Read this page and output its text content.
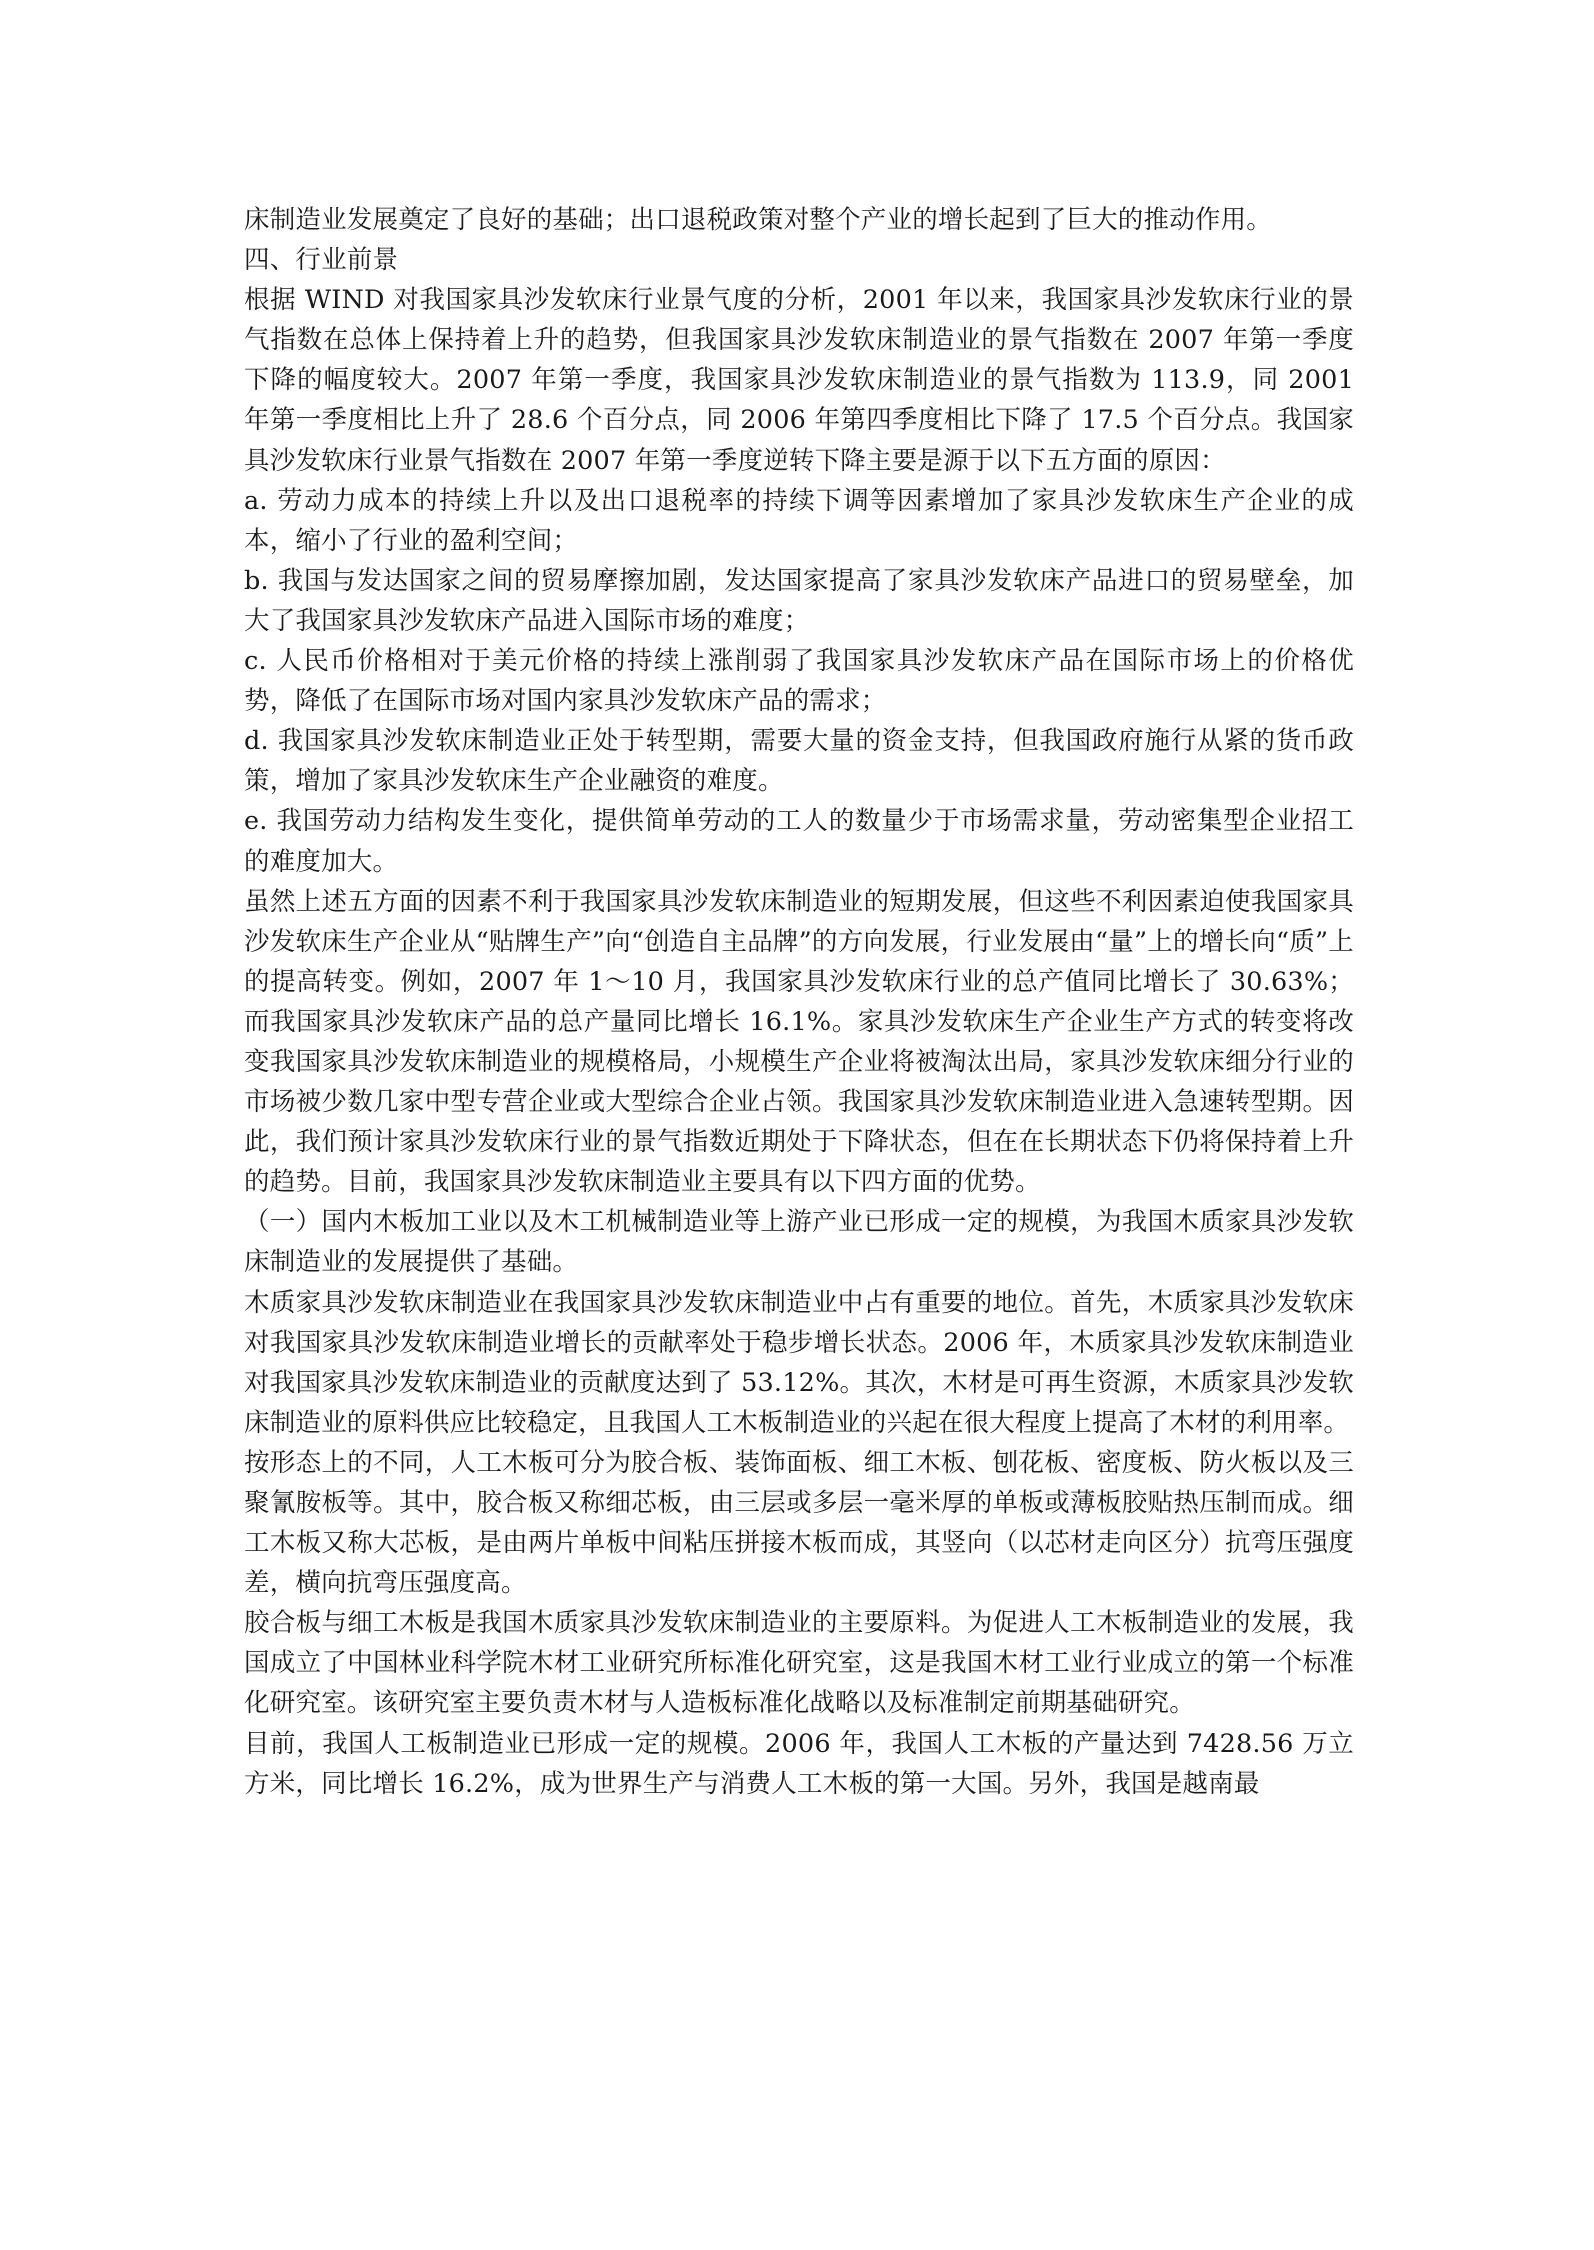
床制造业发展奠定了良好的基础；出口退税政策对整个产业的增长起到了巨大的推动作用。

四、行业前景

根据 WIND 对我国家具沙发软床行业景气度的分析，2001 年以来，我国家具沙发软床行业的景气指数在总体上保持着上升的趋势，但我国家具沙发软床制造业的景气指数在 2007 年第一季度下降的幅度较大。2007 年第一季度，我国家具沙发软床制造业的景气指数为 113.9，同 2001 年第一季度相比上升了 28.6 个百分点，同 2006 年第四季度相比下降了 17.5 个百分点。我国家具沙发软床行业景气指数在 2007 年第一季度逆转下降主要是源于以下五方面的原因：

a. 劳动力成本的持续上升以及出口退税率的持续下调等因素增加了家具沙发软床生产企业的成本，缩小了行业的盈利空间；

b. 我国与发达国家之间的贸易摩擦加剧，发达国家提高了家具沙发软床产品进口的贸易壁垒，加大了我国家具沙发软床产品进入国际市场的难度；

c. 人民币价格相对于美元价格的持续上涨削弱了我国家具沙发软床产品在国际市场上的价格优势，降低了在国际市场对国内家具沙发软床产品的需求；

d. 我国家具沙发软床制造业正处于转型期，需要大量的资金支持，但我国政府施行从紧的货币政策，增加了家具沙发软床生产企业融资的难度。

e. 我国劳动力结构发生变化，提供简单劳动的工人的数量少于市场需求量，劳动密集型企业招工的难度加大。

虽然上述五方面的因素不利于我国家具沙发软床制造业的短期发展，但这些不利因素迫使我国家具沙发软床生产企业从“贴牌生产”向“创造自主品牌”的方向发展，行业发展由“量”上的增长向“质”上的提高转变。例如，2007 年 1～10 月，我国家具沙发软床行业的总产值同比增长了 30.63%；而我国家具沙发软床产品的总产量同比增长 16.1%。家具沙发软床生产企业生产方式的转变将改变我国家具沙发软床制造业的规模格局，小规模生产企业将被淘汰出局，家具沙发软床细分行业的市场被少数几家中型专营企业或大型综合企业占领。我国家具沙发软床制造业进入急速转型期。因此，我们预计家具沙发软床行业的景气指数近期处于下降状态，但在在长期状态下仍将保持着上升的趋势。目前，我国家具沙发软床制造业主要具有以下四方面的优势。

（一）国内木板加工业以及木工机械制造业等上游产业已形成一定的规模，为我国木质家具沙发软床制造业的发展提供了基础。

木质家具沙发软床制造业在我国家具沙发软床制造业中占有重要的地位。首先，木质家具沙发软床对我国家具沙发软床制造业增长的贡献率处于稳步增长状态。2006 年，木质家具沙发软床制造业对我国家具沙发软床制造业的贡献度达到了 53.12%。其次，木材是可再生资源，木质家具沙发软床制造业的原料供应比较稳定，且我国人工木板制造业的兴起在很大程度上提高了木材的利用率。

按形态上的不同，人工木板可分为胶合板、装饰面板、细工木板、刨花板、密度板、防火板以及三聚氰胺板等。其中，胶合板又称细芯板，由三层或多层一毫米厚的单板或薄板胶贴热压制而成。细工木板又称大芯板，是由两片单板中间粘压拼接木板而成，其竖向（以芯材走向区分）抗弯压强度差，横向抗弯压强度高。

胶合板与细工木板是我国木质家具沙发软床制造业的主要原料。为促进人工木板制造业的发展，我国成立了中国林业科学院木材工业研究所标准化研究室，这是我国木材工业行业成立的第一个标准化研究室。该研究室主要负责木材与人造板标准化战略以及标准制定前期基础研究。

目前，我国人工板制造业已形成一定的规模。2006 年，我国人工木板的产量达到 7428.56 万立方米，同比增长 16.2%，成为世界生产与消费人工木板的第一大国。另外，我国是越南最
